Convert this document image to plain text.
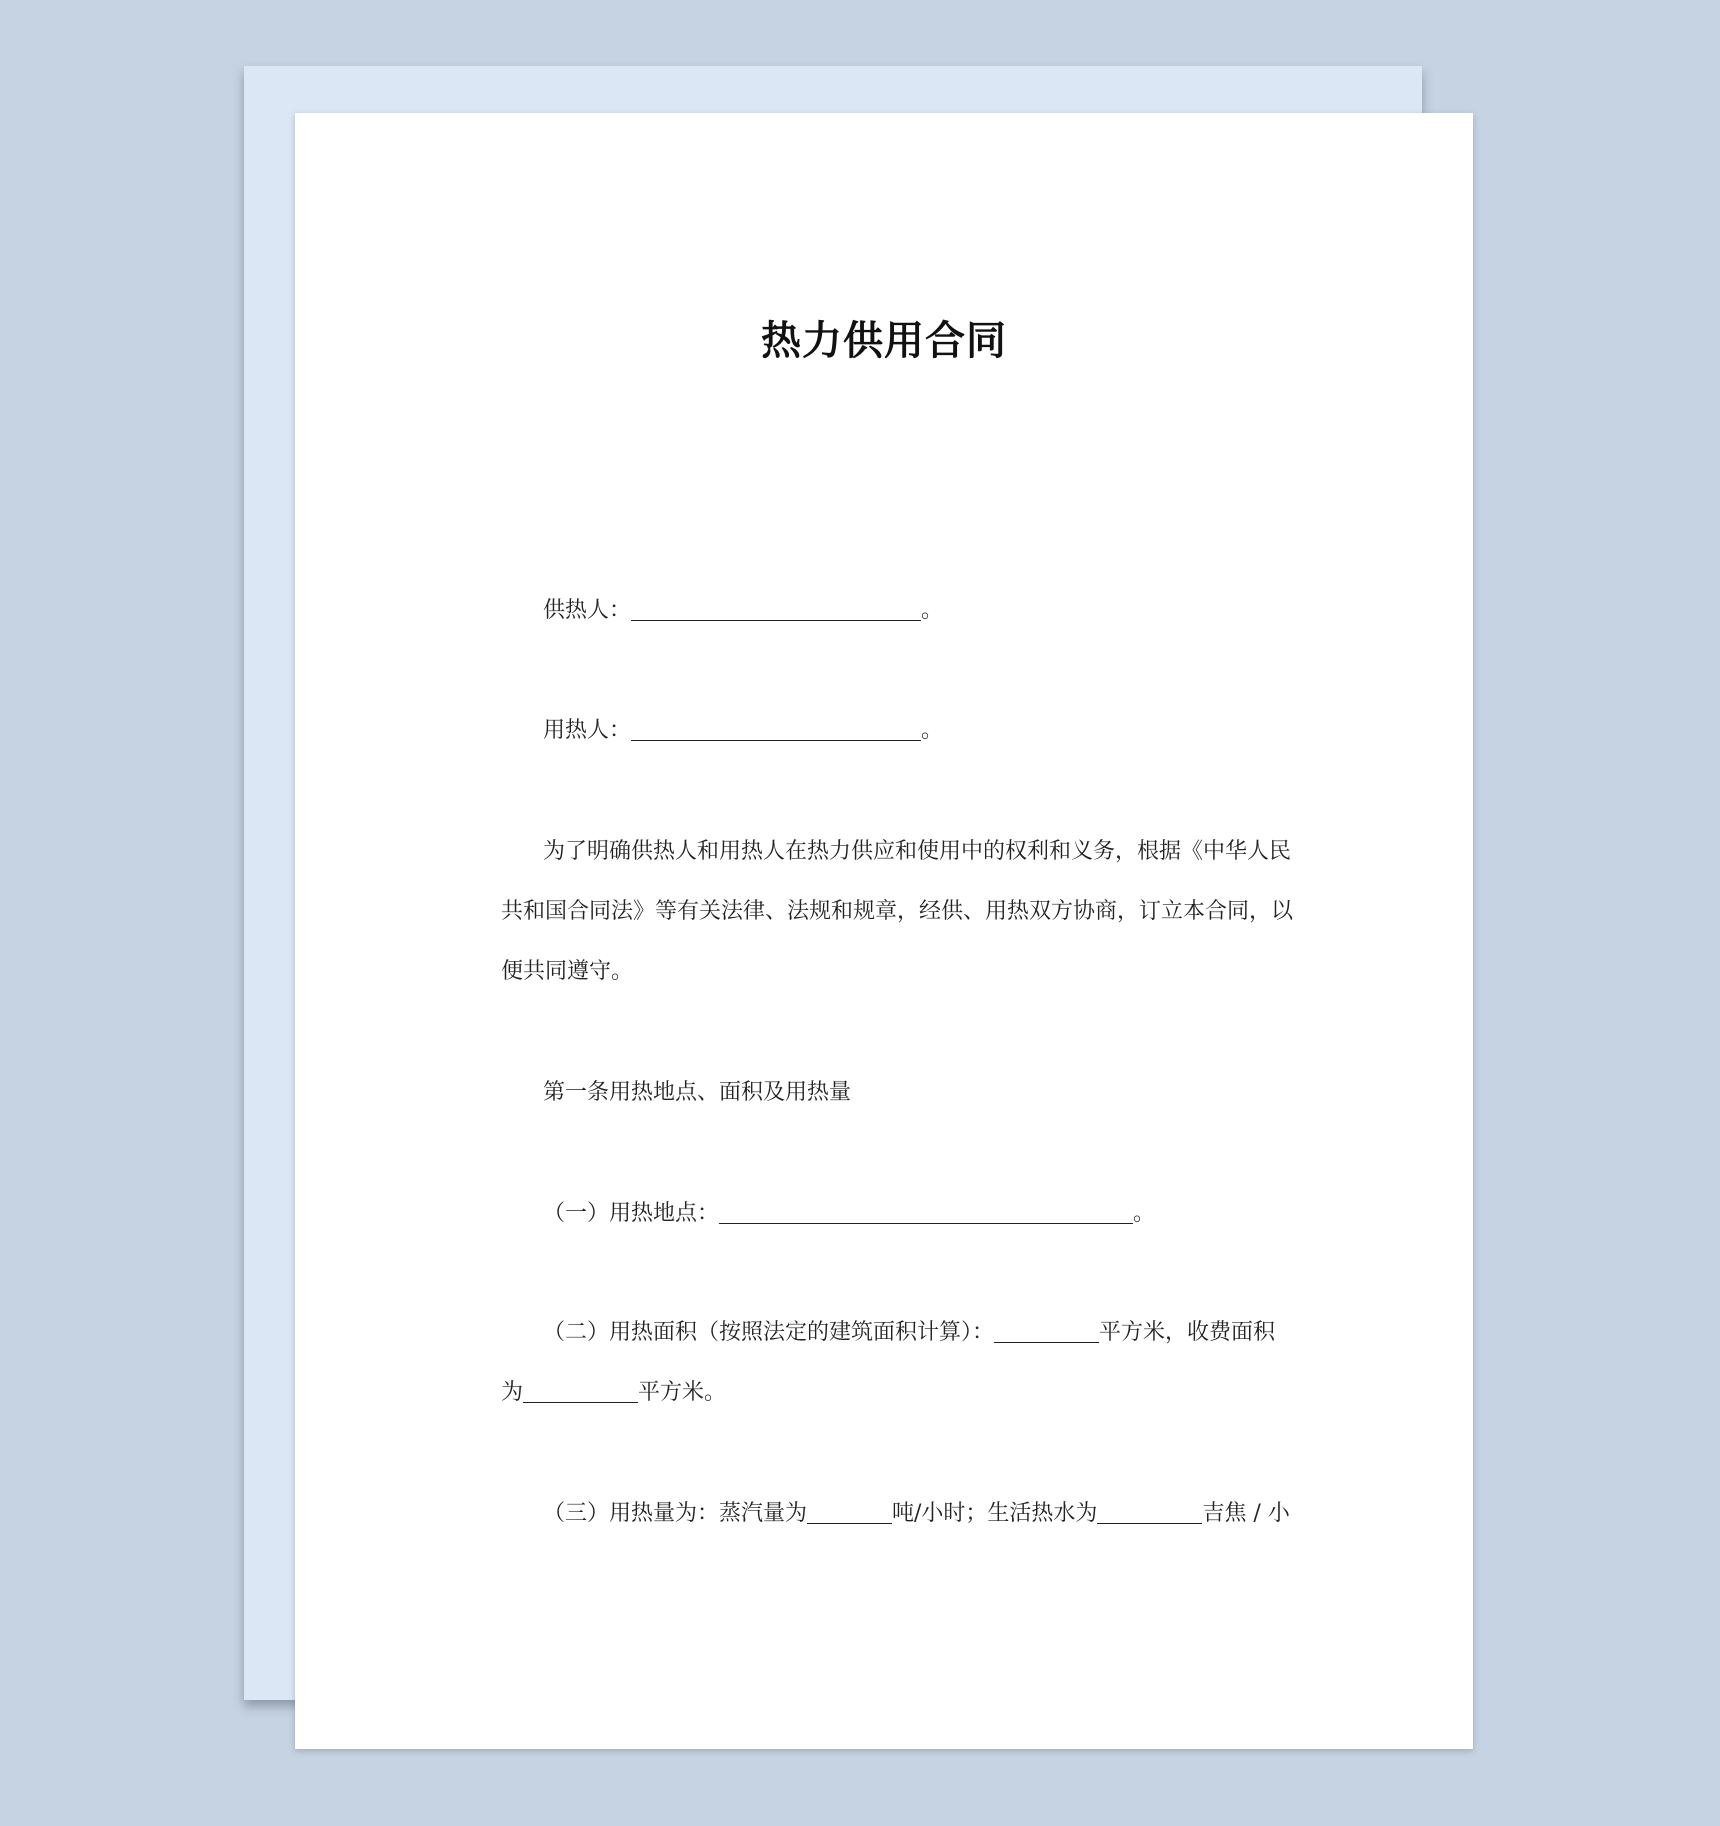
热力供用合同
供热人：	。
用热人：	。
为了明确供热人和用热人在热力供应和使用中的权利和义务，根据《中华人民
共和国合同法》等有关法律、法规和规章，经供、用热双方协商，订立本合同，以
便共同遵守。
第一条用热地点、面积及用热量
（一）用热地点：	。
（二）用热面积（按照法定的建筑面积计算）：	平方米，收费面积
为	平方米。
（三）用热量为：蒸汽量为	吨/小时；生活热水为	吉焦 / 小
